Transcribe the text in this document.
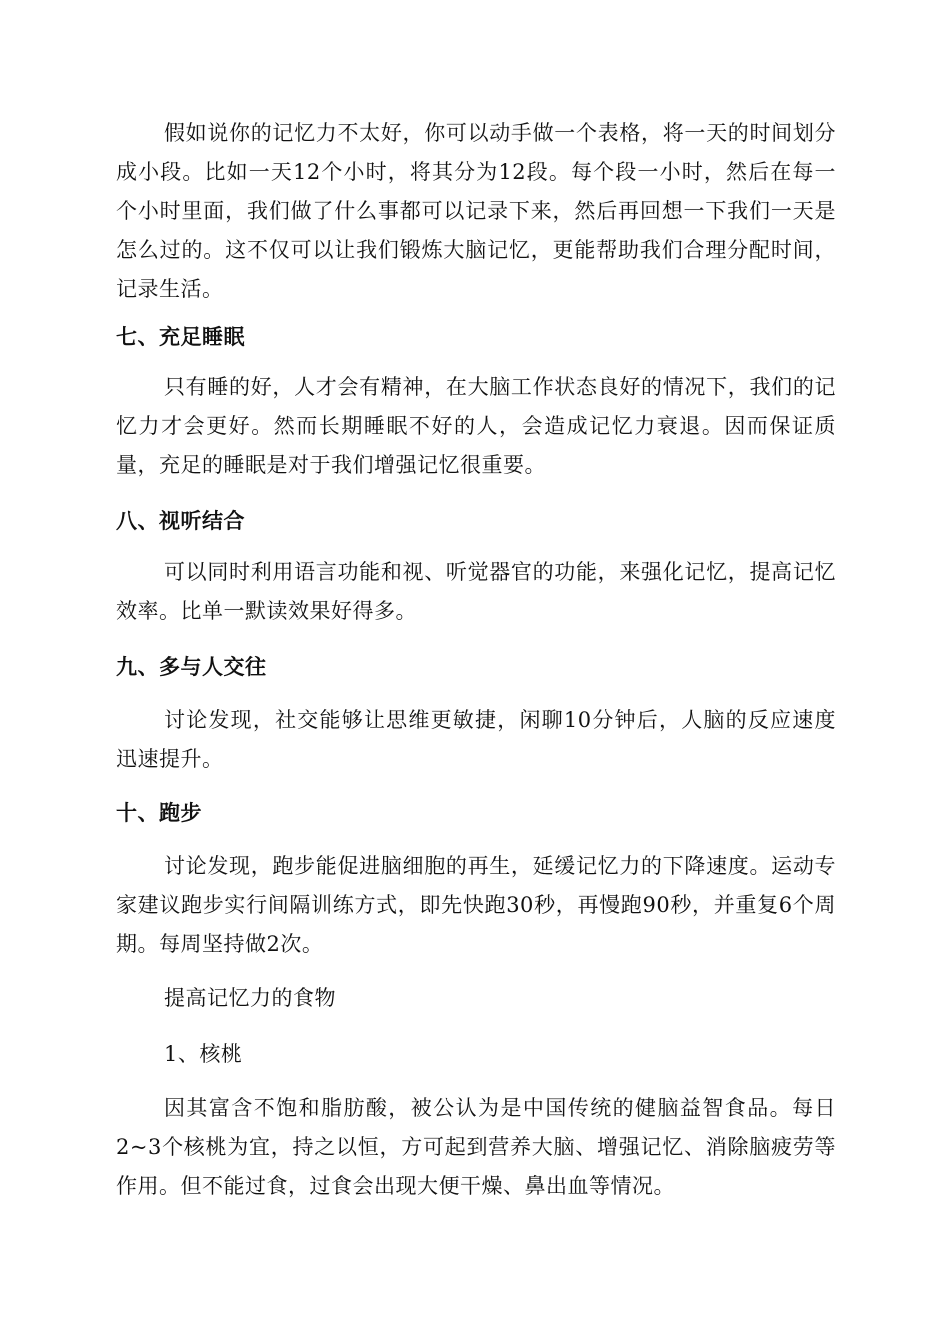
假如说你的记忆力不太好，你可以动手做一个表格，将一天的时间划分成小段。比如一天12个小时，将其分为12段。每个段一小时，然后在每一个小时里面，我们做了什么事都可以记录下来，然后再回想一下我们一天是怎么过的。这不仅可以让我们锻炼大脑记忆，更能帮助我们合理分配时间，记录生活。

七、充足睡眠

只有睡的好，人才会有精神，在大脑工作状态良好的情况下，我们的记忆力才会更好。然而长期睡眠不好的人，会造成记忆力衰退。因而保证质量，充足的睡眠是对于我们增强记忆很重要。

八、视听结合

可以同时利用语言功能和视、听觉器官的功能，来强化记忆，提高记忆效率。比单一默读效果好得多。

九、多与人交往

讨论发现，社交能够让思维更敏捷，闲聊10分钟后，人脑的反应速度迅速提升。

十、跑步

讨论发现，跑步能促进脑细胞的再生，延缓记忆力的下降速度。运动专家建议跑步实行间隔训练方式，即先快跑30秒，再慢跑90秒，并重复6个周期。每周坚持做2次。

提高记忆力的食物

1、核桃

因其富含不饱和脂肪酸，被公认为是中国传统的健脑益智食品。每日2~3个核桃为宜，持之以恒，方可起到营养大脑、增强记忆、消除脑疲劳等作用。但不能过食，过食会出现大便干燥、鼻出血等情况。
